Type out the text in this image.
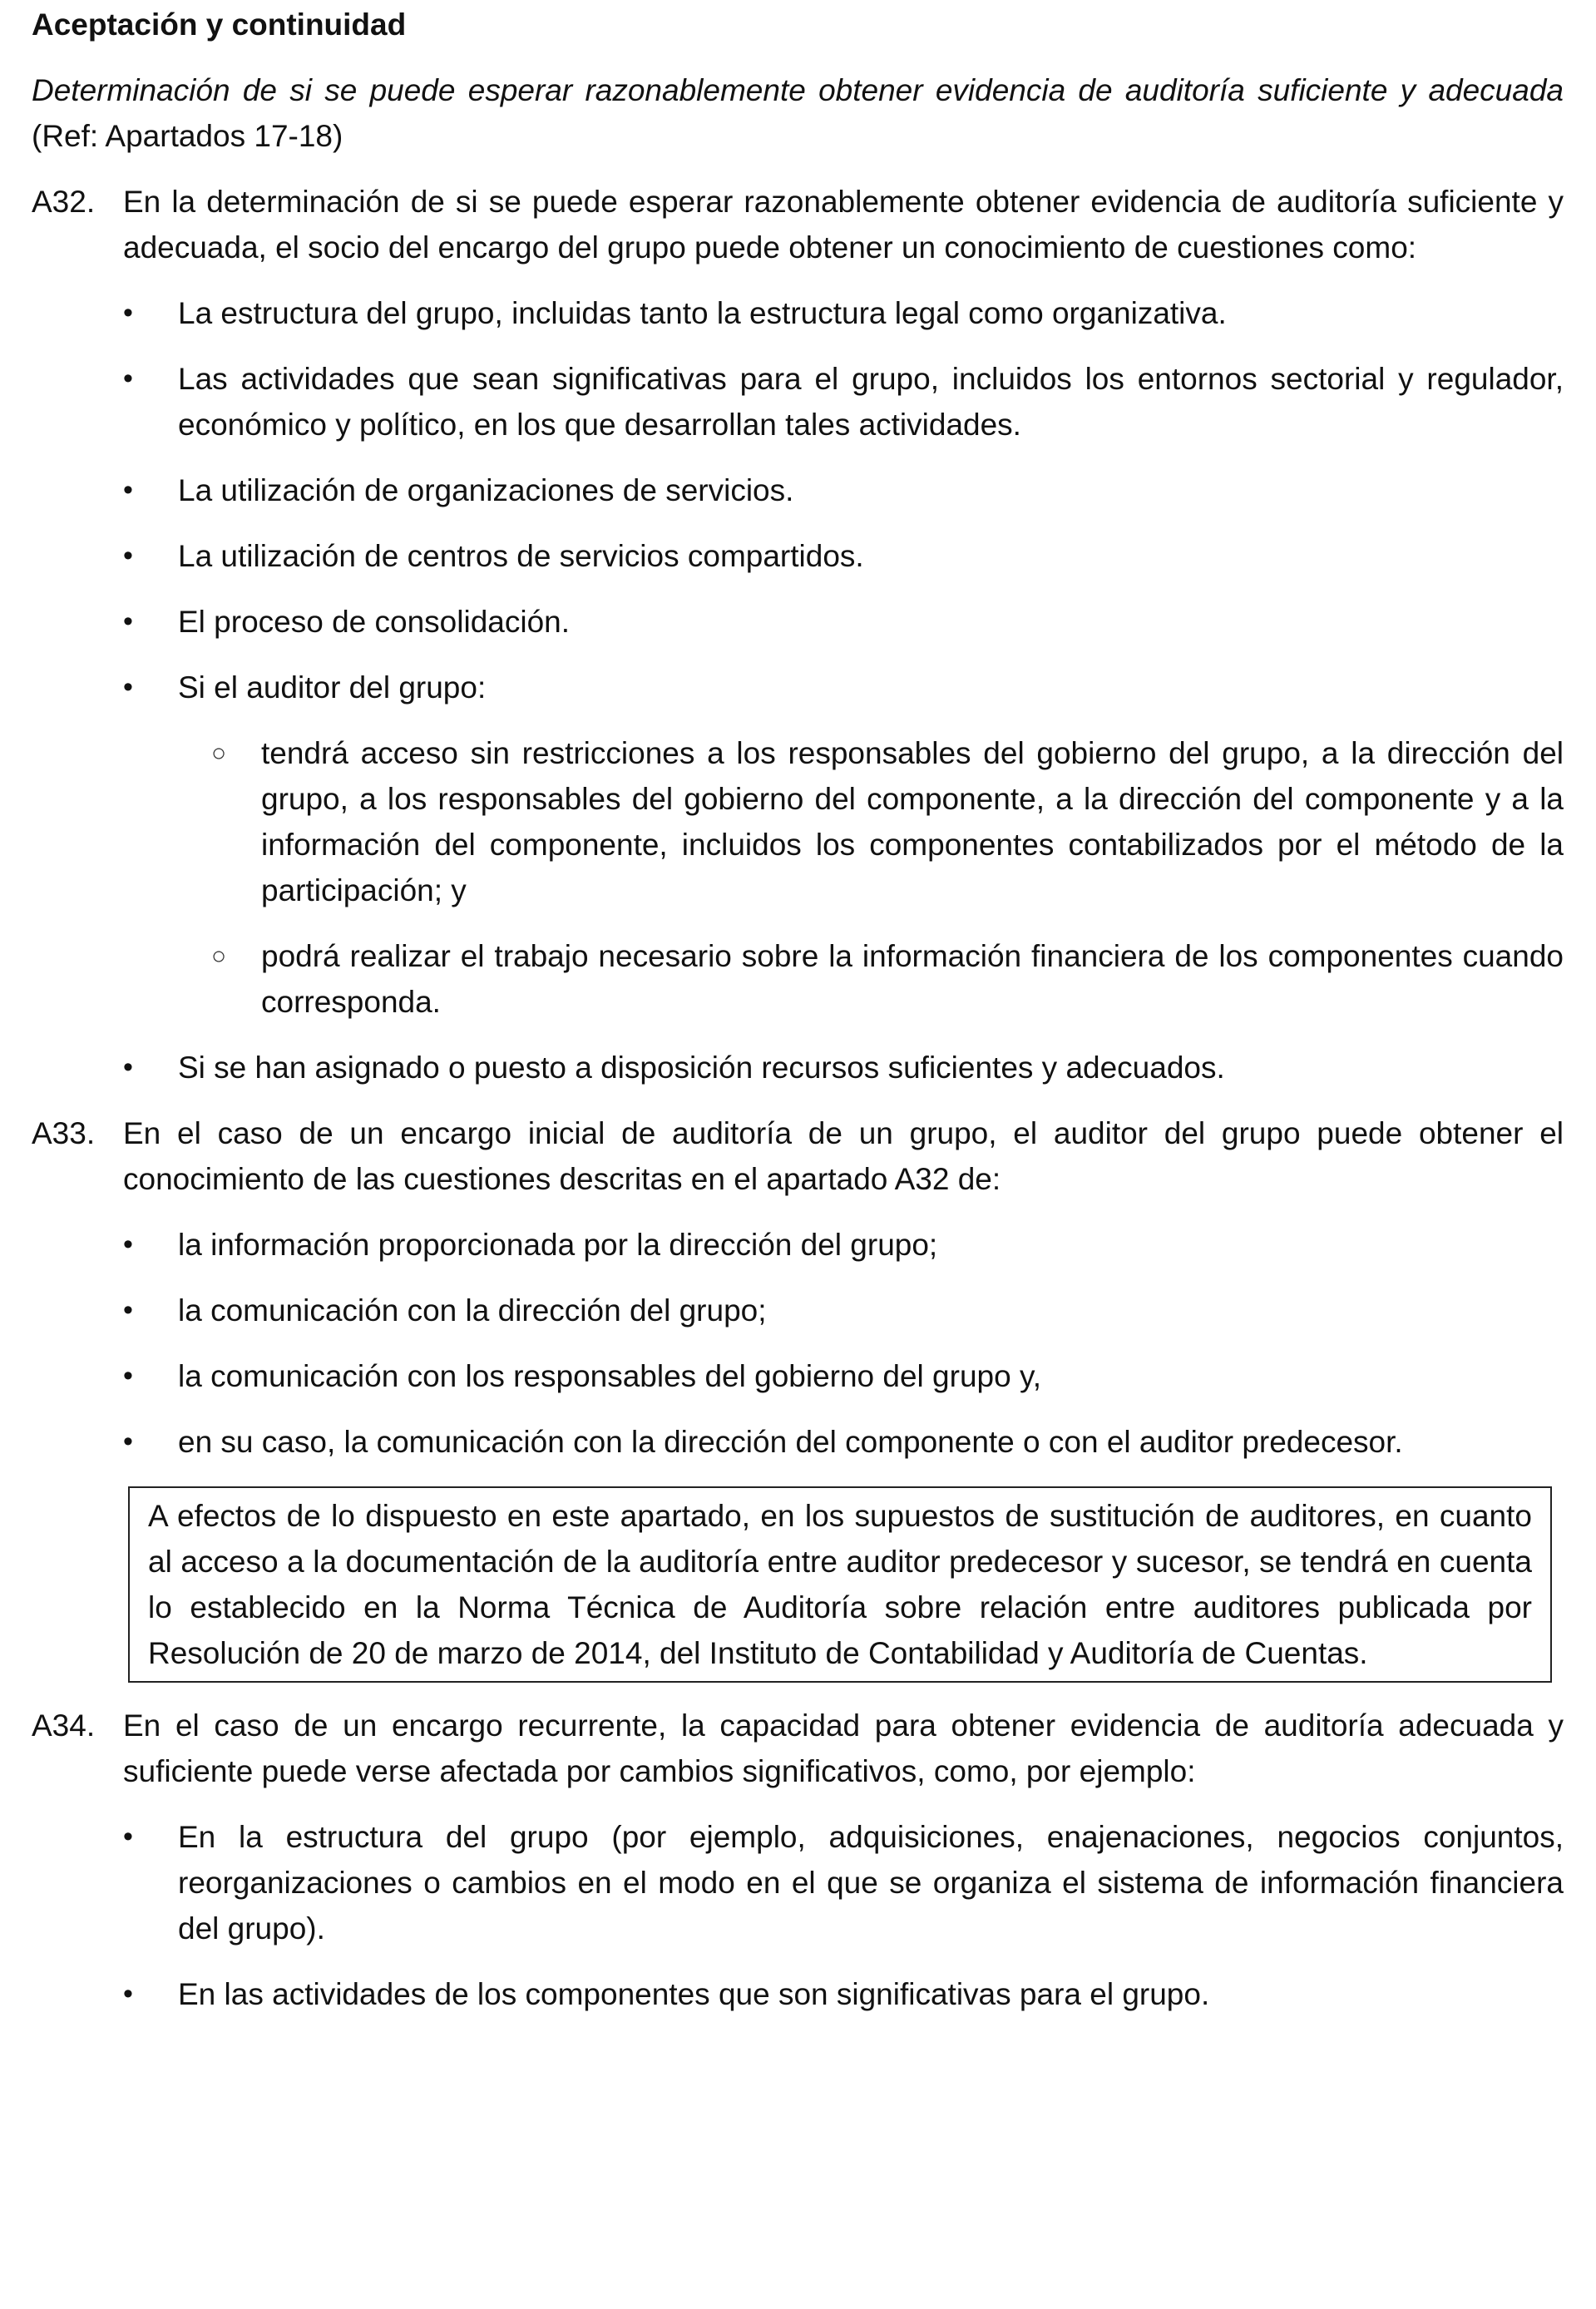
Aceptación y continuidad
Determinación de si se puede esperar razonablemente obtener evidencia de auditoría suficiente y adecuada (Ref: Apartados 17-18)
A32. En la determinación de si se puede esperar razonablemente obtener evidencia de auditoría suficiente y adecuada, el socio del encargo del grupo puede obtener un conocimiento de cuestiones como:
•	La estructura del grupo, incluidas tanto la estructura legal como organizativa.
•	Las actividades que sean significativas para el grupo, incluidos los entornos sectorial y regulador, económico y político, en los que desarrollan tales actividades.
•	La utilización de organizaciones de servicios.
•	La utilización de centros de servicios compartidos.
•	El proceso de consolidación.
•	Si el auditor del grupo:
○	tendrá acceso sin restricciones a los responsables del gobierno del grupo, a la dirección del grupo, a los responsables del gobierno del componente, a la dirección del componente y a la información del componente, incluidos los componentes contabilizados por el método de la participación; y
○	podrá realizar el trabajo necesario sobre la información financiera de los componentes cuando corresponda.
•	Si se han asignado o puesto a disposición recursos suficientes y adecuados.
A33. En el caso de un encargo inicial de auditoría de un grupo, el auditor del grupo puede obtener el conocimiento de las cuestiones descritas en el apartado A32 de:
•	la información proporcionada por la dirección del grupo;
•	la comunicación con la dirección del grupo;
•	la comunicación con los responsables del gobierno del grupo y,
•	en su caso, la comunicación con la dirección del componente o con el auditor predecesor.
A efectos de lo dispuesto en este apartado, en los supuestos de sustitución de auditores, en cuanto al acceso a la documentación de la auditoría entre auditor predecesor y sucesor, se tendrá en cuenta lo establecido en la Norma Técnica de Auditoría sobre relación entre auditores publicada por Resolución de 20 de marzo de 2014, del Instituto de Contabilidad y Auditoría de Cuentas.
A34. En el caso de un encargo recurrente, la capacidad para obtener evidencia de auditoría adecuada y suficiente puede verse afectada por cambios significativos, como, por ejemplo:
•	En la estructura del grupo (por ejemplo, adquisiciones, enajenaciones, negocios conjuntos, reorganizaciones o cambios en el modo en el que se organiza el sistema de información financiera del grupo).
•	En las actividades de los componentes que son significativas para el grupo.
